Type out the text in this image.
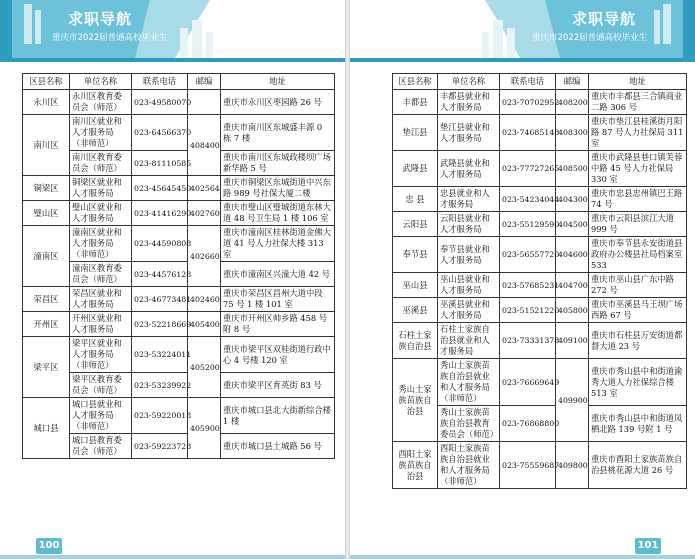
求职导航
重庆市2022届普通高校毕业生
区县名称	单位名称	联系电话	邮编	地址
永川区	永川区教育委员会（师范）	023-49580070		重庆市永川区枣园路 26 号
南川区	南川区就业和人才服务局（非师范）	023-64566370	408400	重庆市南川区东城盛丰源 0 栋 7 楼
	南川区教育委员会（师范）	023-81110585		重庆市南川区东城政楼坝广场新华路 5 号
铜梁区	铜梁区就业和人才服务局	023-45645450	402564	重庆市铜梁区东城街道中兴东路 989 号社保大厦二楼
璧山区	璧山区就业和人才服务局	023-41416290	402760	重庆市璧山区璧城街道东林大道 48 号卫生局 1 楼 106 室
潼南区	潼南区就业和人才服务局（非师范）	023-44590808	402660	重庆市潼南区桂林街道金佛大道 41 号人力社保大楼 313 室
	潼南区教育委员会（师范）	023-44576128		重庆市潼南区兴潼大道 42 号
荣昌区	荣昌区就业和人才服务局	023-46773481	402460	重庆市荣昌区昌州大道中段 75 号 1 楼 101 室
开州区	开州区就业和人才服务局	023-52218669	405400	重庆市开州区帅乡路 458 号附 8 号
梁平区	梁平区就业和人才服务局（非师范）	023-53224011	405200	重庆市梁平区双桂街道行政中心 4 号楼 120 室
	梁平区教育委员会（师范）	023-53239922		重庆市梁平区育英街 83 号
城口县	城口县就业和人才服务局（非师范）	023-59220018	405900	重庆市城口县北大街新综合楼 1 楼
	城口县教育委员会（师范）	023-59223728		重庆市城口县土城路 56 号
100
求职导航
重庆市2022届普通高校毕业生
区县名称	单位名称	联系电话	邮编	地址
丰都县	丰都县就业和人才服务局	023-70702952	408200	重庆市丰都县三合镇商业二路 306 号
垫江县	垫江县就业和人才服务局	023-74685148	408300	重庆市垫江县桂溪街月阳路 87 号人力社保局 311 室
武隆县	武隆县就业和人才服务局	023-77727265	408500	重庆市武隆县巷口镇芙蓉中路 45 号人力社保局 330 室
忠 县	忠县就业和人才服务局	023-54234044	404300	重庆市忠县忠州镇巴王路 74 号
云阳县	云阳县就业和人才服务局	023-55129590	404500	重庆市云阳县滨江大道 999 号
奉节县	奉节县就业和人才服务局	023-56557720	404600	重庆市奉节县永安街道县政府办公楼县社局档案室 533
巫山县	巫山县就业和人才服务局	023-57685231	404700	重庆市巫山县广东中路 272 号
巫溪县	巫溪县就业和人才服务局	023-51521220	405800	重庆市巫溪县马王坝广场西路 67 号
石柱土家族自治县	石柱土家族自治县就业和人才服务局	023-73331378	409100	重庆市石柱县万安街道都督大道 23 号
秀山土家族苗族自治县	秀山土家族苗族自治县就业和人才服务局（非师范）	023-76669649	409900	重庆市秀山县中和街道渝秀大道人力社保综合楼 513 室
	秀山土家族苗族自治县教育委员会（师范）	023-76868800		重庆市秀山县中和街道凤栖北路 139 号附 1 号
酉阳土家族苗族自治县	酉阳土家族苗族自治县就业和人才服务局（非师范）	023-75559687	409800	重庆市酉阳土家族苗族自治县桃花源大道 26 号
101
